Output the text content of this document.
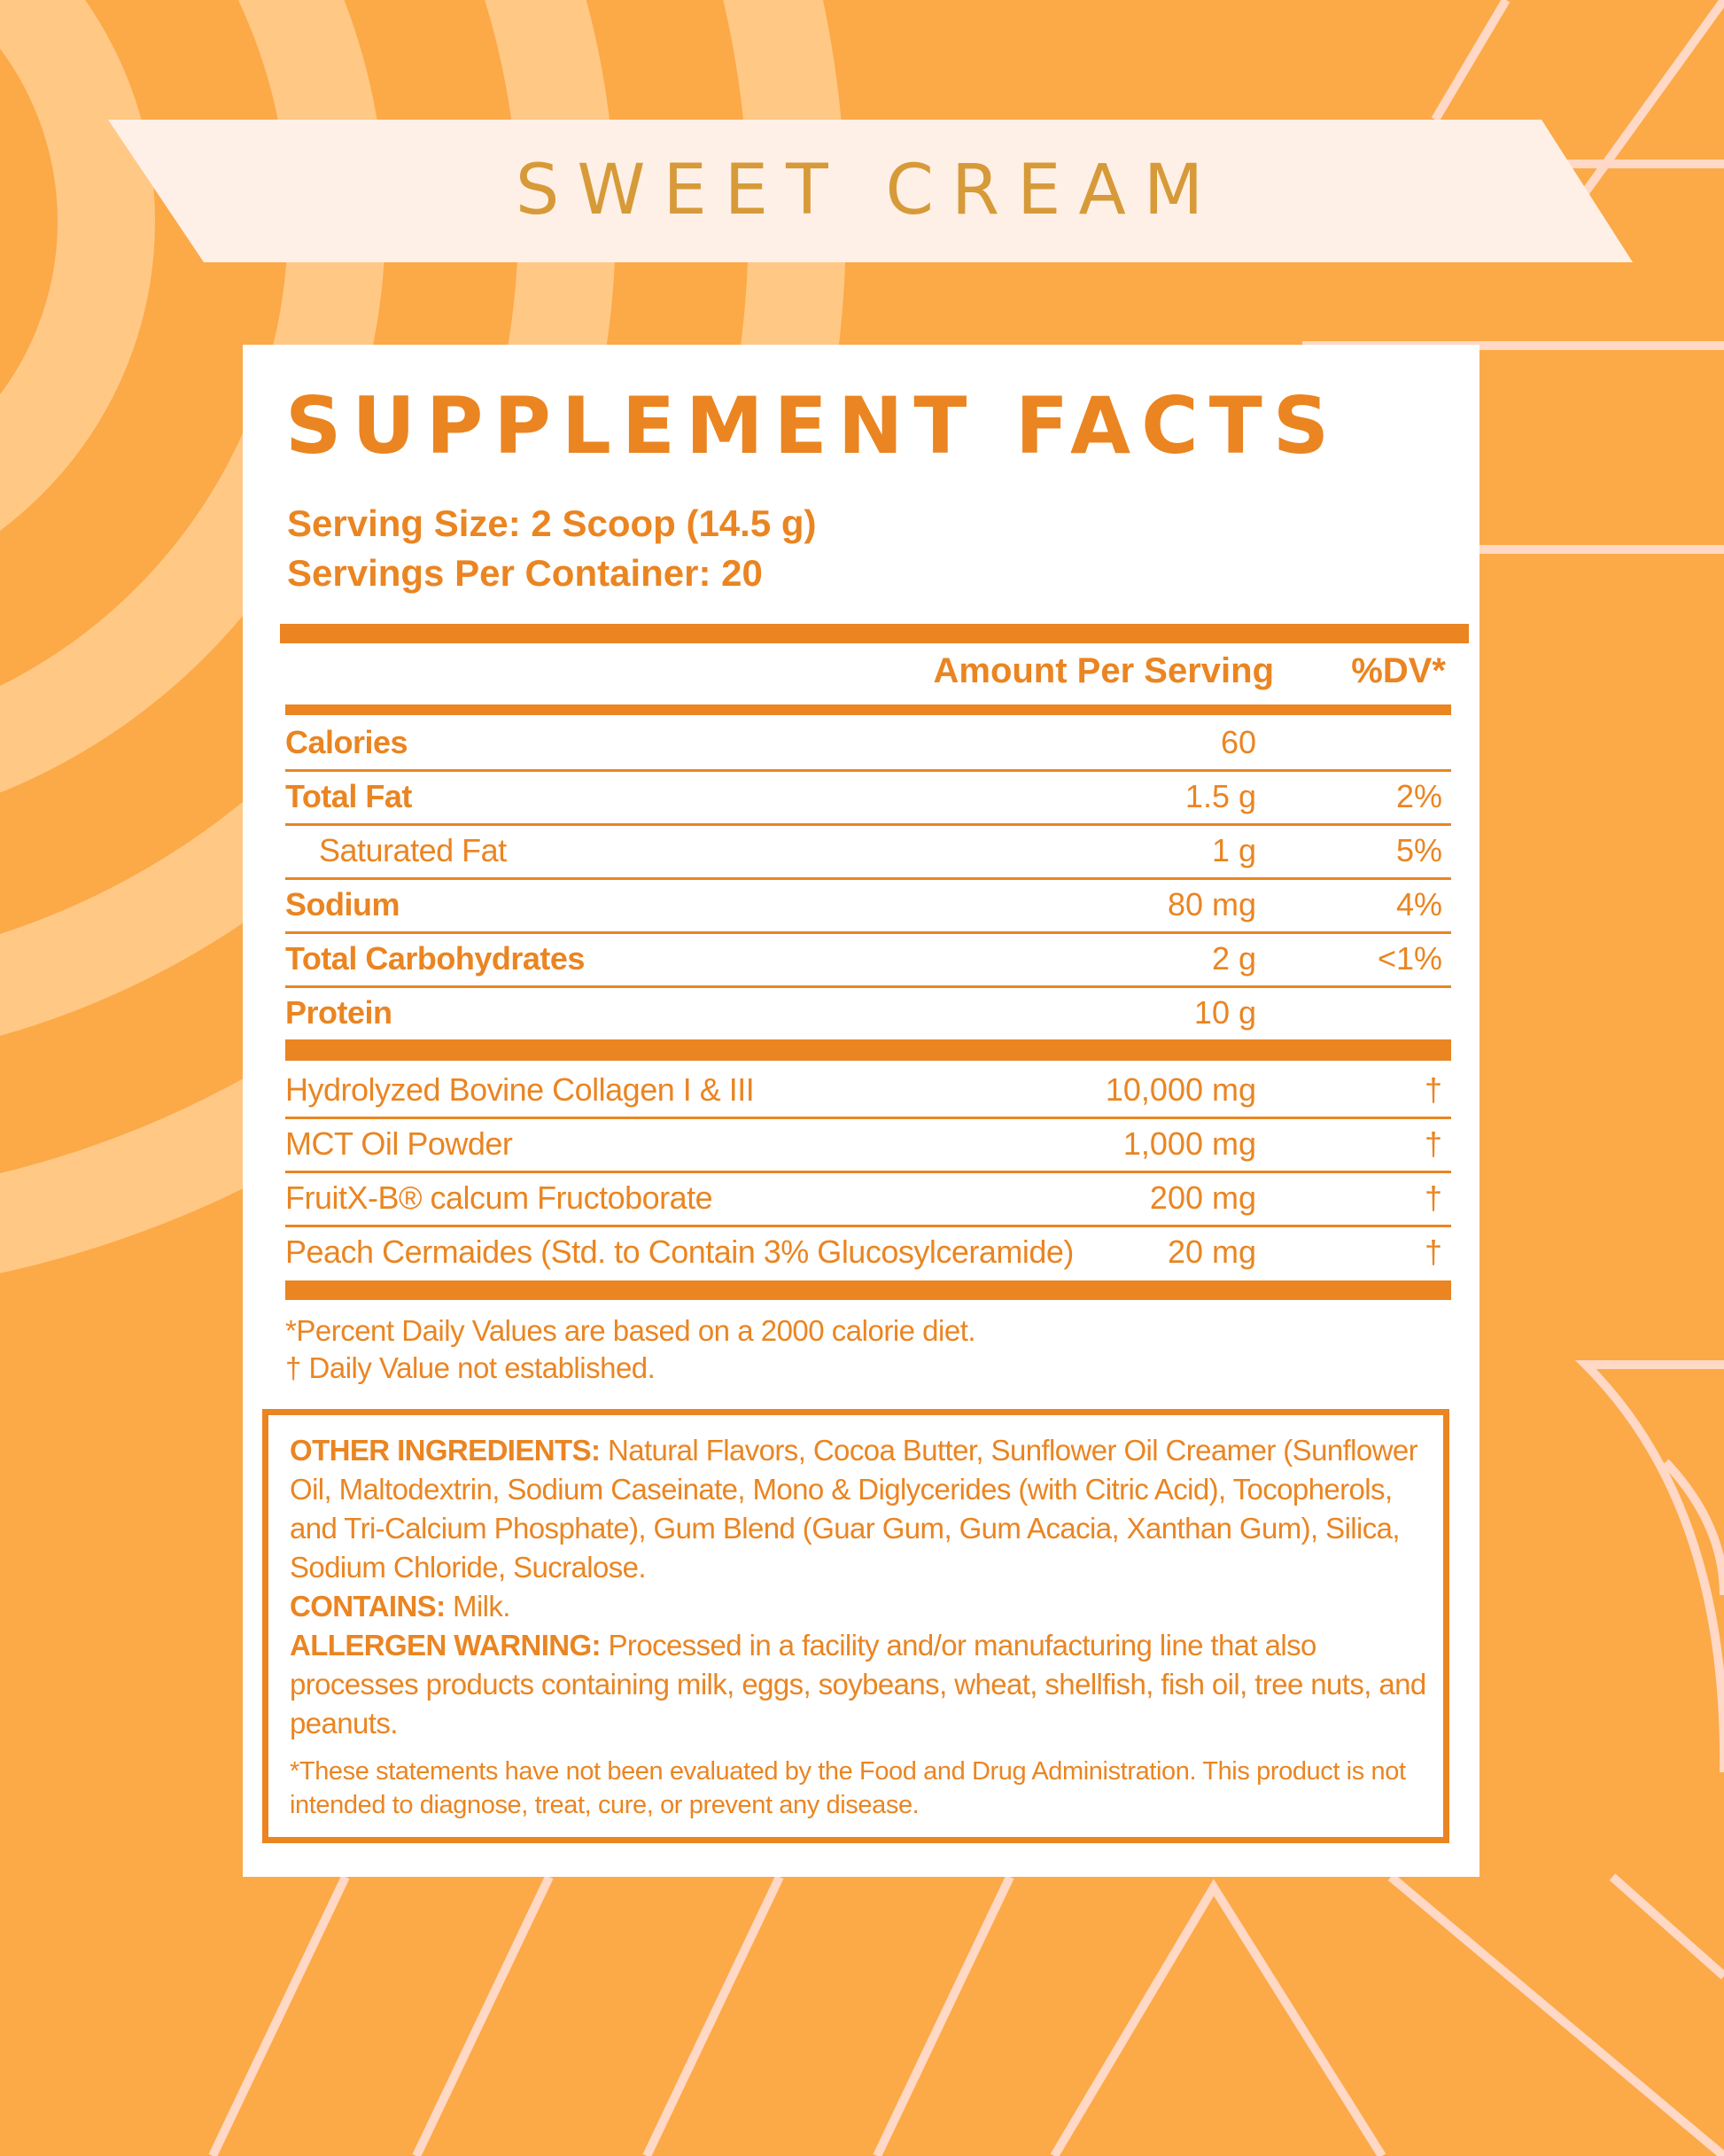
SWEET CREAM
SUPPLEMENT FACTS
Serving Size: 2 Scoop (14.5 g)
Servings Per Container: 20
Amount Per Serving %DV*
Calories	60
Total Fat	1.5 g	2%
Saturated Fat	1 g	5%
Sodium	80 mg	4%
Total Carbohydrates	2 g	<1%
Protein	10 g
Hydrolyzed Bovine Collagen I & III	10,000 mg	†
MCT Oil Powder	1,000 mg	†
FruitX-B® calcum Fructoborate	200 mg	†
Peach Cermaides (Std. to Contain 3% Glucosylceramide)	20 mg	†
*Percent Daily Values are based on a 2000 calorie diet.
† Daily Value not established.

OTHER INGREDIENTS: Natural Flavors, Cocoa Butter, Sunflower Oil Creamer (Sunflower Oil, Maltodextrin, Sodium Caseinate, Mono & Diglycerides (with Citric Acid), Tocopherols, and Tri-Calcium Phosphate), Gum Blend (Guar Gum, Gum Acacia, Xanthan Gum), Silica, Sodium Chloride, Sucralose.
CONTAINS: Milk.
ALLERGEN WARNING: Processed in a facility and/or manufacturing line that also processes products containing milk, eggs, soybeans, wheat, shellfish, fish oil, tree nuts, and peanuts.

*These statements have not been evaluated by the Food and Drug Administration. This product is not intended to diagnose, treat, cure, or prevent any disease.
